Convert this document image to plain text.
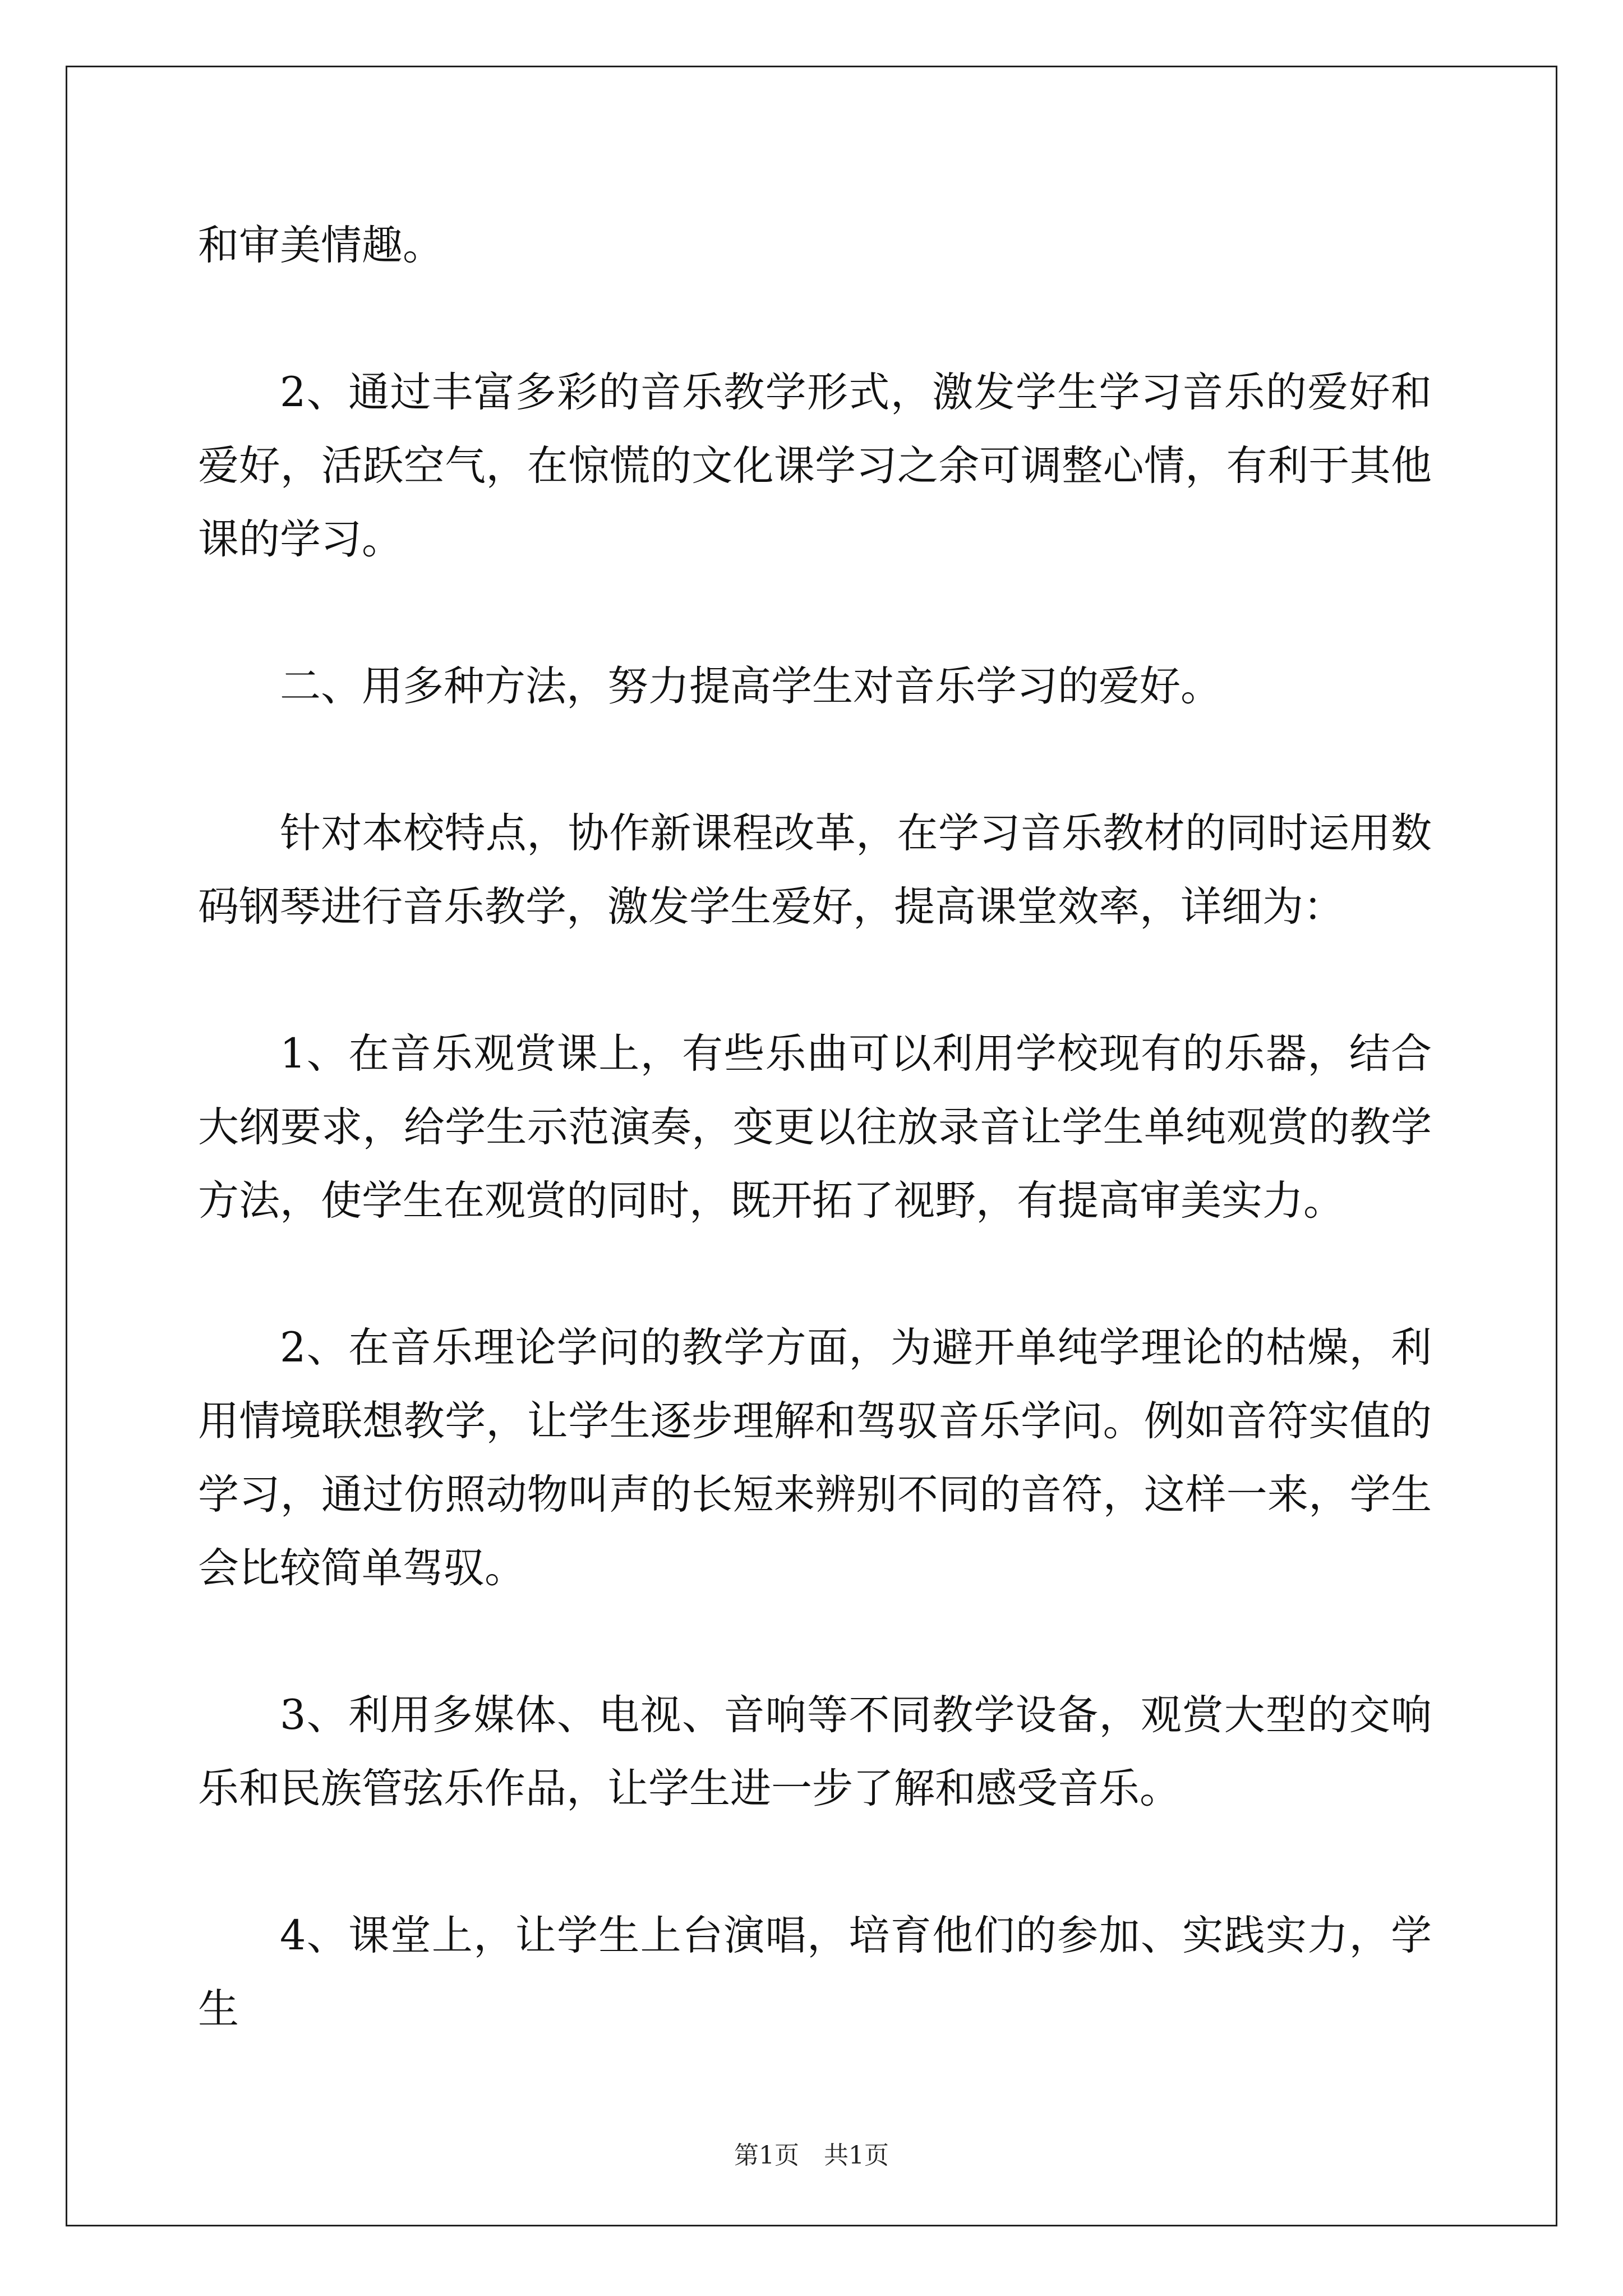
和审美情趣。

2、通过丰富多彩的音乐教学形式，激发学生学习音乐的爱好和爱好，活跃空气，在惊慌的文化课学习之余可调整心情，有利于其他课的学习。

二、用多种方法，努力提高学生对音乐学习的爱好。

针对本校特点，协作新课程改革，在学习音乐教材的同时运用数码钢琴进行音乐教学，激发学生爱好，提高课堂效率，详细为：

1、在音乐观赏课上，有些乐曲可以利用学校现有的乐器，结合大纲要求，给学生示范演奏，变更以往放录音让学生单纯观赏的教学方法，使学生在观赏的同时，既开拓了视野，有提高审美实力。

2、在音乐理论学问的教学方面，为避开单纯学理论的枯燥，利用情境联想教学，让学生逐步理解和驾驭音乐学问。例如音符实值的学习，通过仿照动物叫声的长短来辨别不同的音符，这样一来，学生会比较简单驾驭。

3、利用多媒体、电视、音响等不同教学设备，观赏大型的交响乐和民族管弦乐作品，让学生进一步了解和感受音乐。

4、课堂上，让学生上台演唱，培育他们的参加、实践实力，学生

第1页　共1页
